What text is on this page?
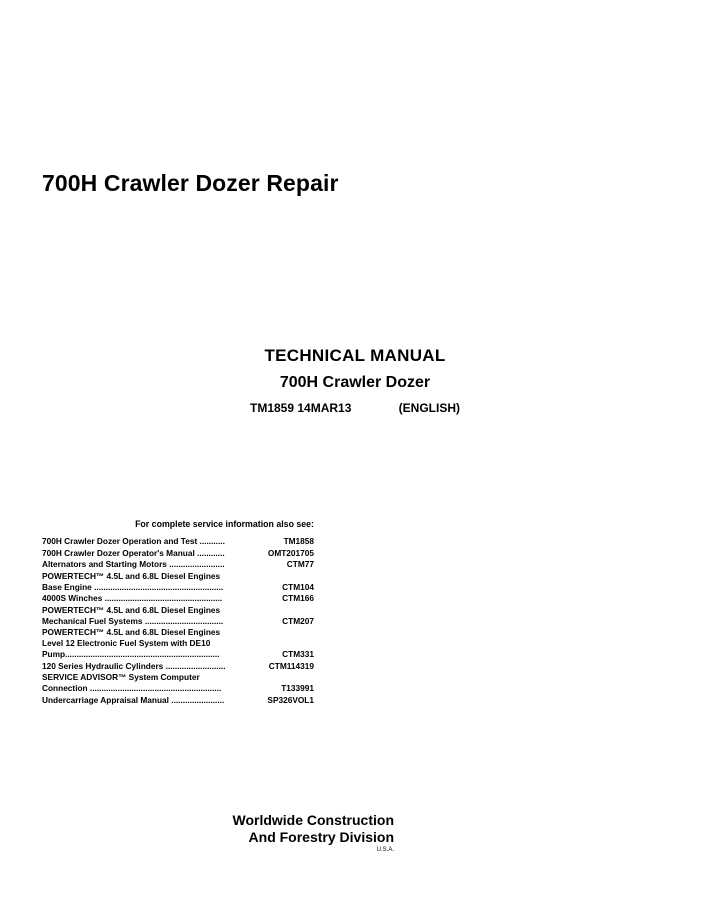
700H Crawler Dozer Repair
TECHNICAL MANUAL
700H Crawler Dozer
TM1859 14MAR13	(ENGLISH)
For complete service information also see:
700H Crawler Dozer Operation and Test ...........	TM1858
700H Crawler Dozer Operator's Manual ............	OMT201705
Alternators and Starting Motors ........................	CTM77
POWERTECH™ 4.5L and 6.8L Diesel Engines
Base Engine ........................................................	CTM104
4000S Winches ...................................................	CTM166
POWERTECH™ 4.5L and 6.8L Diesel Engines
Mechanical Fuel Systems ..................................	CTM207
POWERTECH™ 4.5L and 6.8L Diesel Engines
Level 12 Electronic Fuel System with DE10
Pump...................................................................	CTM331
120 Series Hydraulic Cylinders ..........................	CTM114319
SERVICE ADVISOR™ System Computer
Connection .........................................................	T133991
Undercarriage Appraisal Manual .......................	SP326VOL1
Worldwide Construction
And Forestry Division
U.S.A.
